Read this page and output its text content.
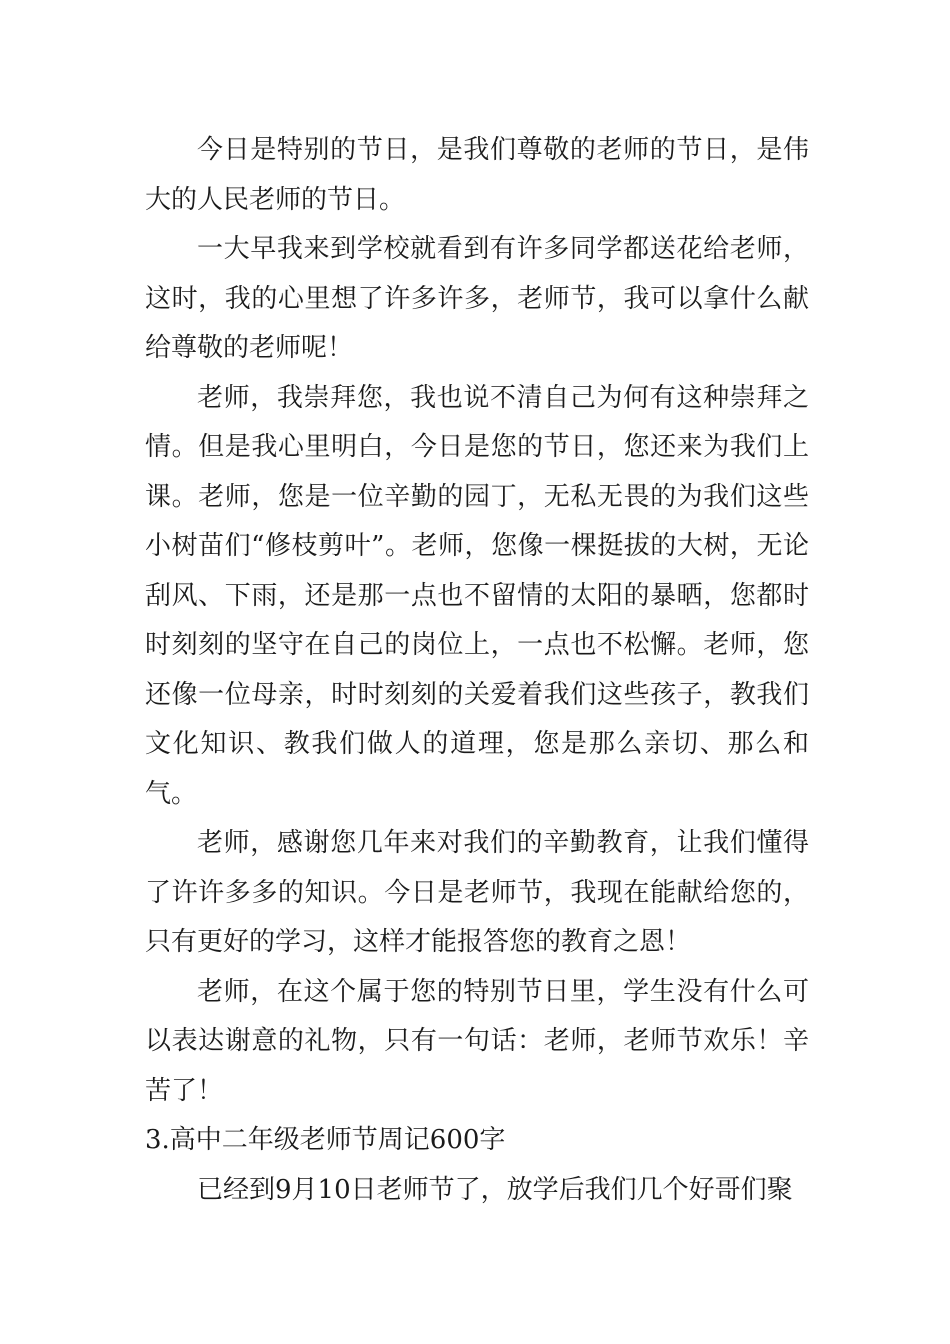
今日是特别的节日，是我们尊敬的老师的节日，是伟大的人民老师的节日。

一大早我来到学校就看到有许多同学都送花给老师，这时，我的心里想了许多许多，老师节，我可以拿什么献给尊敬的老师呢！

老师，我崇拜您，我也说不清自己为何有这种崇拜之情。但是我心里明白，今日是您的节日，您还来为我们上课。老师，您是一位辛勤的园丁，无私无畏的为我们这些小树苗们“修枝剪叶”。老师，您像一棵挺拔的大树，无论刮风、下雨，还是那一点也不留情的太阳的暴晒，您都时时刻刻的坚守在自己的岗位上，一点也不松懈。老师，您还像一位母亲，时时刻刻的关爱着我们这些孩子，教我们文化知识、教我们做人的道理，您是那么亲切、那么和气。

老师，感谢您几年来对我们的辛勤教育，让我们懂得了许许多多的知识。今日是老师节，我现在能献给您的，只有更好的学习，这样才能报答您的教育之恩！

老师，在这个属于您的特别节日里，学生没有什么可以表达谢意的礼物，只有一句话：老师，老师节欢乐！辛苦了！

3.高中二年级老师节周记600字

已经到9月10日老师节了，放学后我们几个好哥们聚
